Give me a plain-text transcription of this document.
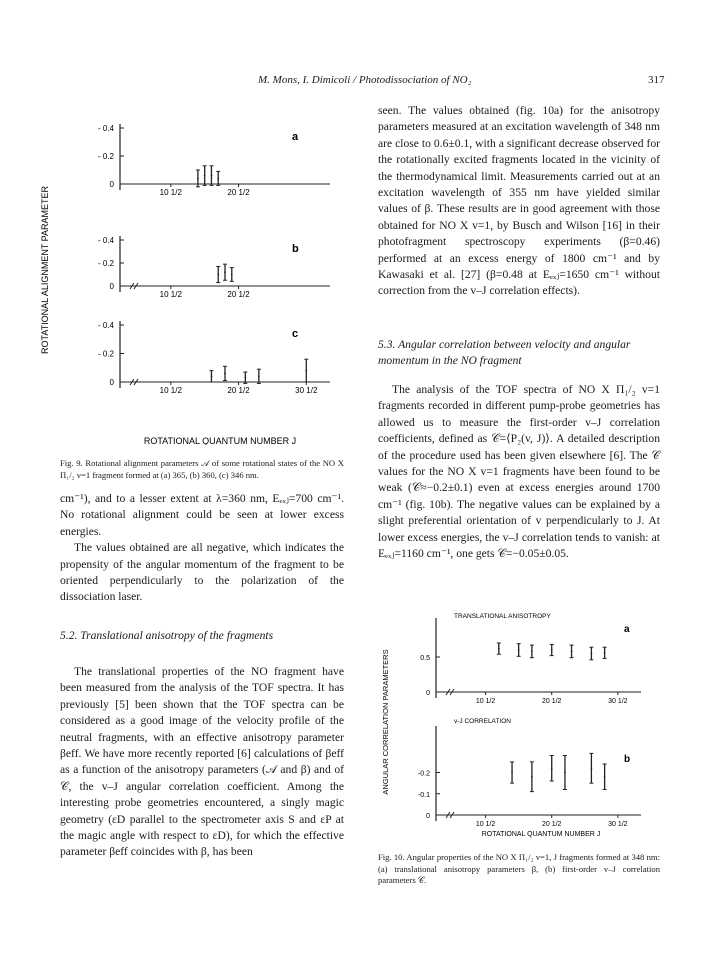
M. Mons, I. Dimicoli / Photodissociation of NO₂	317
ROTATIONAL ALIGNMENT PARAMETER
- 0.4
- 0.2
0
10 1/2	20 1/2
a
- 0.4
- 0.2
0
10 1/2	20 1/2
b
- 0.4
- 0.2
0
10 1/2	20 1/2	30 1/2
c
ROTATIONAL QUANTUM NUMBER J
Fig. 9. Rotational alignment parameters 𝒜 of some rotational states of the NO X Π₁/₂ v=1 fragment formed at (a) 365, (b) 360, (c) 346 nm.

cm⁻¹), and to a lesser extent at λ=360 nm, Eₑₓⱼ=700 cm⁻¹. No rotational alignment could be seen at lower excess energies.

The values obtained are all negative, which indicates the propensity of the angular momentum of the fragment to be oriented perpendicularly to the polarization of the dissociation laser.

5.2. Translational anisotropy of the fragments
The translational properties of the NO fragment have been measured from the analysis of the TOF spectra. It has previously [5] been shown that the TOF spectra can be considered as a good image of the velocity profile of the neutral fragments, with an effective anisotropy parameter βeff. We have more recently reported [6] calculations of βeff as a function of the anisotropy parameters (𝒜 and β) and of 𝒞, the v–J angular correlation coefficient. Among the interesting probe geometries encountered, a singly magic geometry (εD parallel to the spectrometer axis S and εP at the magic angle with respect to εD), for which the effective parameter βeff coincides with β, has been
seen. The values obtained (fig. 10a) for the anisotropy parameters measured at an excitation wavelength of 348 nm are close to 0.6±0.1, with a significant decrease observed for the rotationally excited fragments located in the vicinity of the thermodynamical limit. Measurements carried out at an excitation wavelength of 355 nm have yielded similar values of β. These results are in good agreement with those obtained for NO X v=1, by Busch and Wilson [16] in their photofragment spectroscopy experiments (β=0.46) performed at an excess energy of 1800 cm⁻¹ and by Kawasaki et al. [27] (β=0.48 at Eₑₓⱼ=1650 cm⁻¹ without correction from the v–J correlation effects).
5.3. Angular correlation between velocity and angular momentum in the NO fragment
The analysis of the TOF spectra of NO X Π₁/₂ v=1 fragments recorded in different pump-probe geometries has allowed us to measure the first-order v–J correlation coefficients, defined as 𝒞=⟨P₂(v, J)⟩. A detailed description of the procedure used has been given elsewhere [6]. The 𝒞 values for the NO X v=1 fragments have been found to be weak (𝒞≈−0.2±0.1) even at excess energies around 1700 cm⁻¹ (fig. 10b). The negative values can be explained by a slight preferential orientation of v perpendicularly to J. At lower excess energies, the v–J correlation tends to vanish: at Eₑₓⱼ=1160 cm⁻¹, one gets 𝒞=−0.05±0.05.
ANGULAR CORRELATION PARAMETERS
TRANSLATIONAL ANISOTROPY
v-J CORRELATION
0.5
0
10 1/2	20 1/2	30 1/2
a
-0.1
-0.2
0
10 1/2	20 1/2	30 1/2
b
ROTATIONAL QUANTUM NUMBER J
Fig. 10. Angular properties of the NO X Π₁/₂ v=1, J fragments formed at 348 nm: (a) translational anisotropy parameters β, (b) first-order v–J correlation parameters 𝒞.
